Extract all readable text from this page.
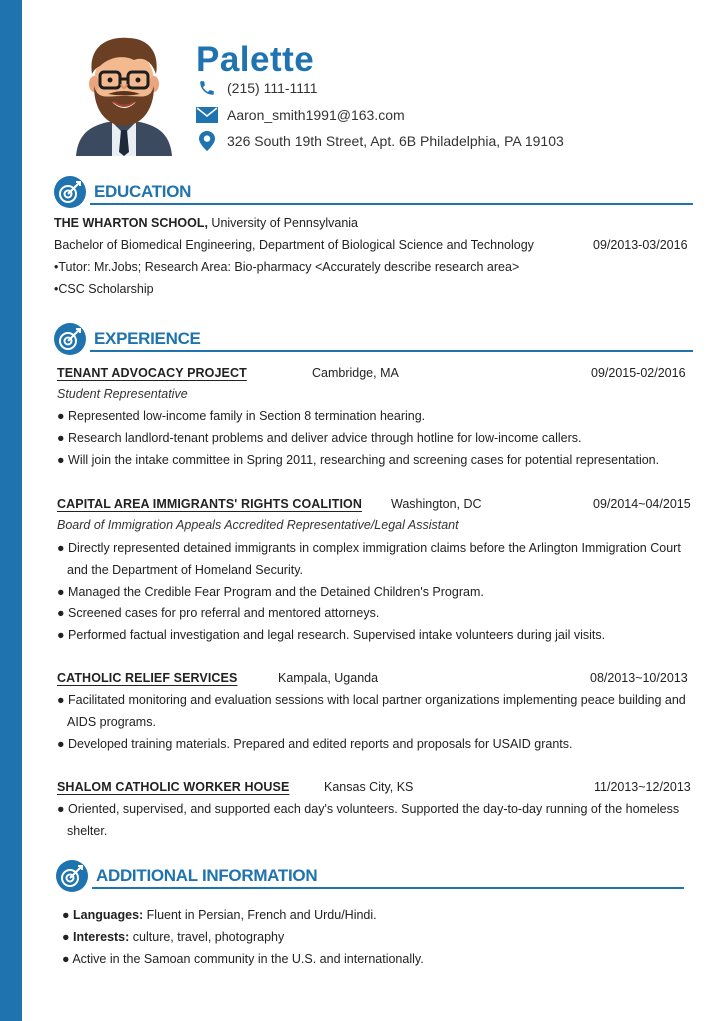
Palette
(215) 111-1111
Aaron_smith1991@163.com
326 South 19th Street, Apt. 6B Philadelphia, PA 19103
EDUCATION
THE WHARTON SCHOOL, University of Pennsylvania
Bachelor of Biomedical Engineering, Department of Biological Science and Technology	09/2013-03/2016
•Tutor: Mr.Jobs; Research Area: Bio-pharmacy <Accurately describe research area>
•CSC Scholarship
EXPERIENCE
TENANT ADVOCACY PROJECT	Cambridge, MA	09/2015-02/2016
Student Representative
● Represented low-income family in Section 8 termination hearing.
● Research landlord-tenant problems and deliver advice through hotline for low-income callers.
● Will join the intake committee in Spring 2011, researching and screening cases for potential representation.
CAPITAL AREA IMMIGRANTS' RIGHTS COALITION Washington, DC	09/2014~04/2015
Board of Immigration Appeals Accredited Representative/Legal Assistant
● Directly represented detained immigrants in complex immigration claims before the Arlington Immigration Court
and the Department of Homeland Security.
● Managed the Credible Fear Program and the Detained Children's Program.
● Screened cases for pro referral and mentored attorneys.
● Performed factual investigation and legal research. Supervised intake volunteers during jail visits.
CATHOLIC RELIEF SERVICES	Kampala, Uganda	08/2013~10/2013
● Facilitated monitoring and evaluation sessions with local partner organizations implementing peace building and
AIDS programs.
● Developed training materials. Prepared and edited reports and proposals for USAID grants.
SHALOM CATHOLIC WORKER HOUSE	Kansas City, KS	11/2013~12/2013
● Oriented, supervised, and supported each day's volunteers. Supported the day-to-day running of the homeless
shelter.
ADDITIONAL INFORMATION
● Languages: Fluent in Persian, French and Urdu/Hindi.
● Interests: culture, travel, photography
● Active in the Samoan community in the U.S. and internationally.
